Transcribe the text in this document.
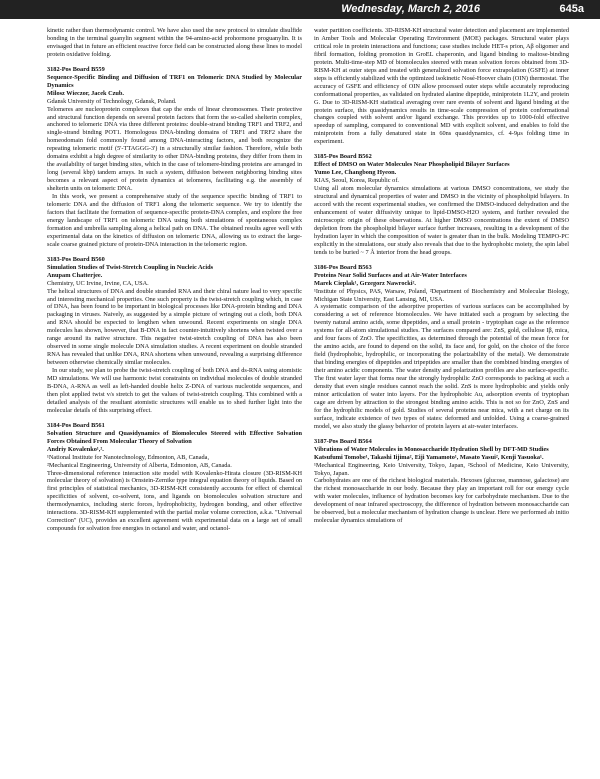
Wednesday, March 2, 2016	645a

kinetic rather than thermodynamic control. We have also used the new protocol to simulate disulfide bonding in the terminal guanylin segment within the 94-amino-acid prohormone proguanylin. It is envisaged that in future an efficient reactive force field can be constructed along these lines to model protein oxidative folding.

3182-Pos Board B559

Sequence-Specific Binding and Diffusion of TRF1 on Telomeric DNA Studied by Molecular Dynamics

Milosz Wieczor, Jacek Czub.

Gdansk University of Technology, Gdansk, Poland.

Telomeres are nucleoprotein complexes that cap the ends of linear chromosomes. Their protective and structural function depends on several protein factors that form the so-called shelterin complex, anchored to telomeric DNA via three different proteins: double-strand binding TRF1 and TRF2, and single-strand binding POT1. Homologous DNA-binding domains of TRF1 and TRF2 share the homeodomain fold commonly found among DNA-interacting factors, and both recognize the repeating telomeric motif (5'-TTAGGG-3') in a structurally similar fashion. Therefore, while both domains exhibit a high degree of similarity to other DNA-binding proteins, they differ from them in the availability of target binding sites, which in the case of telomere-binding proteins are arranged in long (several kbp) tandem arrays. In such a system, diffusion between neighboring binding sites becomes a relevant aspect of protein dynamics at telomeres, facilitating e.g. the assembly of shelterin units on telomeric DNA.

In this work, we present a comprehensive study of the sequence specific binding of TRF1 to telomeric DNA and the diffusion of TRF1 along the telomeric sequence. We try to identify the factors that facilitate the formation of sequence-specific protein-DNA complex, and explore the free energy landscape of TRF1 on telomeric DNA using both simulations of spontaneous complex formation and umbrella sampling along a helical path on DNA. The obtained results agree well with experimental data on the kinetics of diffusion on telomeric DNA, allowing us to extract the large-scale coarse grained picture of protein-DNA interaction in the telomeric region.

3183-Pos Board B560

Simulation Studies of Twist-Stretch Coupling in Nucleic Acids

Anupam Chatterjee.

Chemistry, UC Irvine, Irvine, CA, USA.

The helical structures of DNA and double stranded RNA and their chiral nature lead to very specific and interesting mechanical properties. One such property is the twist-stretch coupling which, in case of DNA, has been found to be important in biological processes like DNA-protein binding and DNA packaging in viruses. Naively, as suggested by a simple picture of wringing out a cloth, both DNA and RNA should be expected to lengthen when unwound. Recent experiments on single DNA molecules has shown, however, that B-DNA in fact counter-intuitively shortens when twisted over a range around its native structure. This negative twist-stretch coupling of DNA has also been observed in some single molecule DNA simulation studies. A recent experiment on double stranded RNA has revealed that unlike DNA, RNA shortens when unwound, revealing a surprising difference between otherwise chemically similar molecules.

In our study, we plan to probe the twist-stretch coupling of both DNA and ds-RNA using atomistic MD simulations. We will use harmonic twist constraints on individual molecules of double stranded B-DNA, A-RNA as well as left-handed double helix Z-DNA of various nucleotide sequences, and then plot applied twist v/s stretch to get the values of twist-stretch coupling. This combined with a detailed analysis of the resultant atomistic structures will enable us to shed further light into the molecular details of this surprising effect.

3184-Pos Board B561

Solvation Structure and Quasidynamics of Biomolecules Steered with Effective Solvation Forces Obtained From Molecular Theory of Solvation

Andriy Kovalenko¹,².

¹National Institute for Nanotechnology, Edmonton, AB, Canada,

²Mechanical Engineering, University of Alberta, Edmonton, AB, Canada.

Three-dimensional reference interaction site model with Kovalenko-Hirata closure (3D-RISM-KH molecular theory of solvation) is Ornstein-Zernike type integral equation theory of liquids. Based on first principles of statistical mechanics, 3D-RISM-KH consistently accounts for effect of chemical specificities of solvent, co-solvent, ions, and ligands on biomolecules solvation structure and thermodynamics, including steric forces, hydrophobicity, hydrogen bonding, and other effective interactions. 3D-RISM-KH supplemented with the partial molar volume correction, a.k.a. "Universal Correction" (UC), provides an excellent agreement with experimental data on a large set of small compounds for solvation free energies in octanol and water, and octanol-

water partition coefficients. 3D-RISM-KH structural water detection and placement are implemented in Amber Tools and Molecular Operating Environment (MOE) packages. Structural water plays critical role in protein interactions and functions; case studies include HET-s prion, Aβ oligomer and fibril formation, folding promotion in GroEL chaperonin, and ligand binding to maltose-binding protein. Multi-time-step MD of biomolecules steered with mean solvation forces obtained from 3D-RISM-KH at outer steps and treated with generalized solvation force extrapolation (GSFE) at inner steps is efficiently stabilized with the optimized isokinetic Nosé-Hoover chain (OIN) thermostat. The accuracy of GSFE and efficiency of OIN allow processed outer steps while accurately reproducing conformational properties, as validated on hydrated alanine dipeptide, miniprotein 1L2Y, and protein G. Due to 3D-RISM-KH statistical averaging over rare events of solvent and ligand binding at the protein surface, this quasidynamics results in time-scale compression of protein conformational changes coupled with solvent and/or ligand exchange. This provides up to 1000-fold effective speedup of sampling, compared to conventional MD with explicit solvent, and enables to fold the miniprotein from a fully denatured state in 60ns quasidynamics, cf. 4-9μs folding time in experiment.

3185-Pos Board B562

Effect of DMSO on Water Molecules Near Phospholipid Bilayer Surfaces

Yumo Lee, Changbong Hyeon.

KIAS, Seoul, Korea, Republic of.

Using all atom molecular dynamics simulations at various DMSO concentrations, we study the structural and dynamical properties of water and DMSO in the vicinity of phospholipid bilayers. In accord with the recent experimental studies, we confirmed the DMSO-induced dehydration and the enhancement of water diffusivity unique to lipid-DMSO-H2O system, and further revealed the microscopic origin of these observations. At higher DMSO concentrations the extent of DMSO depletion from the phospholipid bilayer surface further increases, resulting in a development of the hydration layer in which the composition of water is greater than in the bulk. Modeling TEMPO-PC explicitly in the simulations, our study also reveals that due to the hydrophobic moiety, the spin label tends to be buried ~ 7 Å interior from the head groups.

3186-Pos Board B563

Proteins Near Solid Surfaces and at Air-Water Interfaces

Marek Cieplak¹, Grzegorz Nawrocki².

¹Institute of Physics, PAS, Warsaw, Poland, ²Department of Biochemistry and Molecular Biology, Michigan State University, East Lansing, MI, USA.

A systematic comparison of the adsorptive properties of various surfaces can be accomplished by considering a set of reference biomolecules. We have initiated such a program by selecting the twenty natural amino acids, some dipeptides, and a small protein - tryptophan cage as the reference systems for all-atom simulational studies. The surfaces compared are: ZnS, gold, cellulose Iβ, mica, and four faces of ZnO. The specificities, as determined through the potential of the mean force for the amino acids, are found to depend on the solid, its face and, for gold, on the choice of the force field (hydrophobic, hydrophilic, or incorporating the polarizability of the metal). We demonstrate that binding energies of dipeptides and tripeptides are smaller than the combined binding energies of their amino acidic components. The water density and polarization profiles are also surface-specific. The first water layer that forms near the strongly hydrophilic ZnO corresponds to packing at such a density that even single residues cannot reach the solid. ZnS is more hydrophobic and yields only minor articulation of water into layers. For the hydrophobic Au, adsorption events of tryptophan cage are driven by attraction to the strongest binding amino acids. This is not so for ZnO, ZnS and for the hydrophilic models of gold. Studies of several proteins near mica, with a net charge on its surface, indicate existence of two types of states: deformed and unfolded. Using a coarse-grained model, we also study the glassy behavior of protein layers at air-water interfaces.

3187-Pos Board B564

Vibrations of Water Molecules in Monosaccharide Hydration Shell by DFT-MD Studies

Katsufumi Tomobe¹, Takashi Iijima², Eiji Yamamoto¹, Masato Yasui², Kenji Yasuoka¹.

¹Mechanical Engineering, Keio University, Tokyo, Japan, ²School of Medicine, Keio University, Tokyo, Japan.

Carbohydrates are one of the richest biological materials. Hexoses (glucose, mannose, galactose) are the richest monosaccharide in our body. Because they play an important roll for our energy cycle with water molecules, influence of hydration becomes key for carbohydrate mechanism. Due to the development of near infrared spectroscopy, the difference of hydration between monosaccharide can be observed, but a molecular mechanism of hydration change is unclear. Here we performed ab initio molecular dynamics simulations of
